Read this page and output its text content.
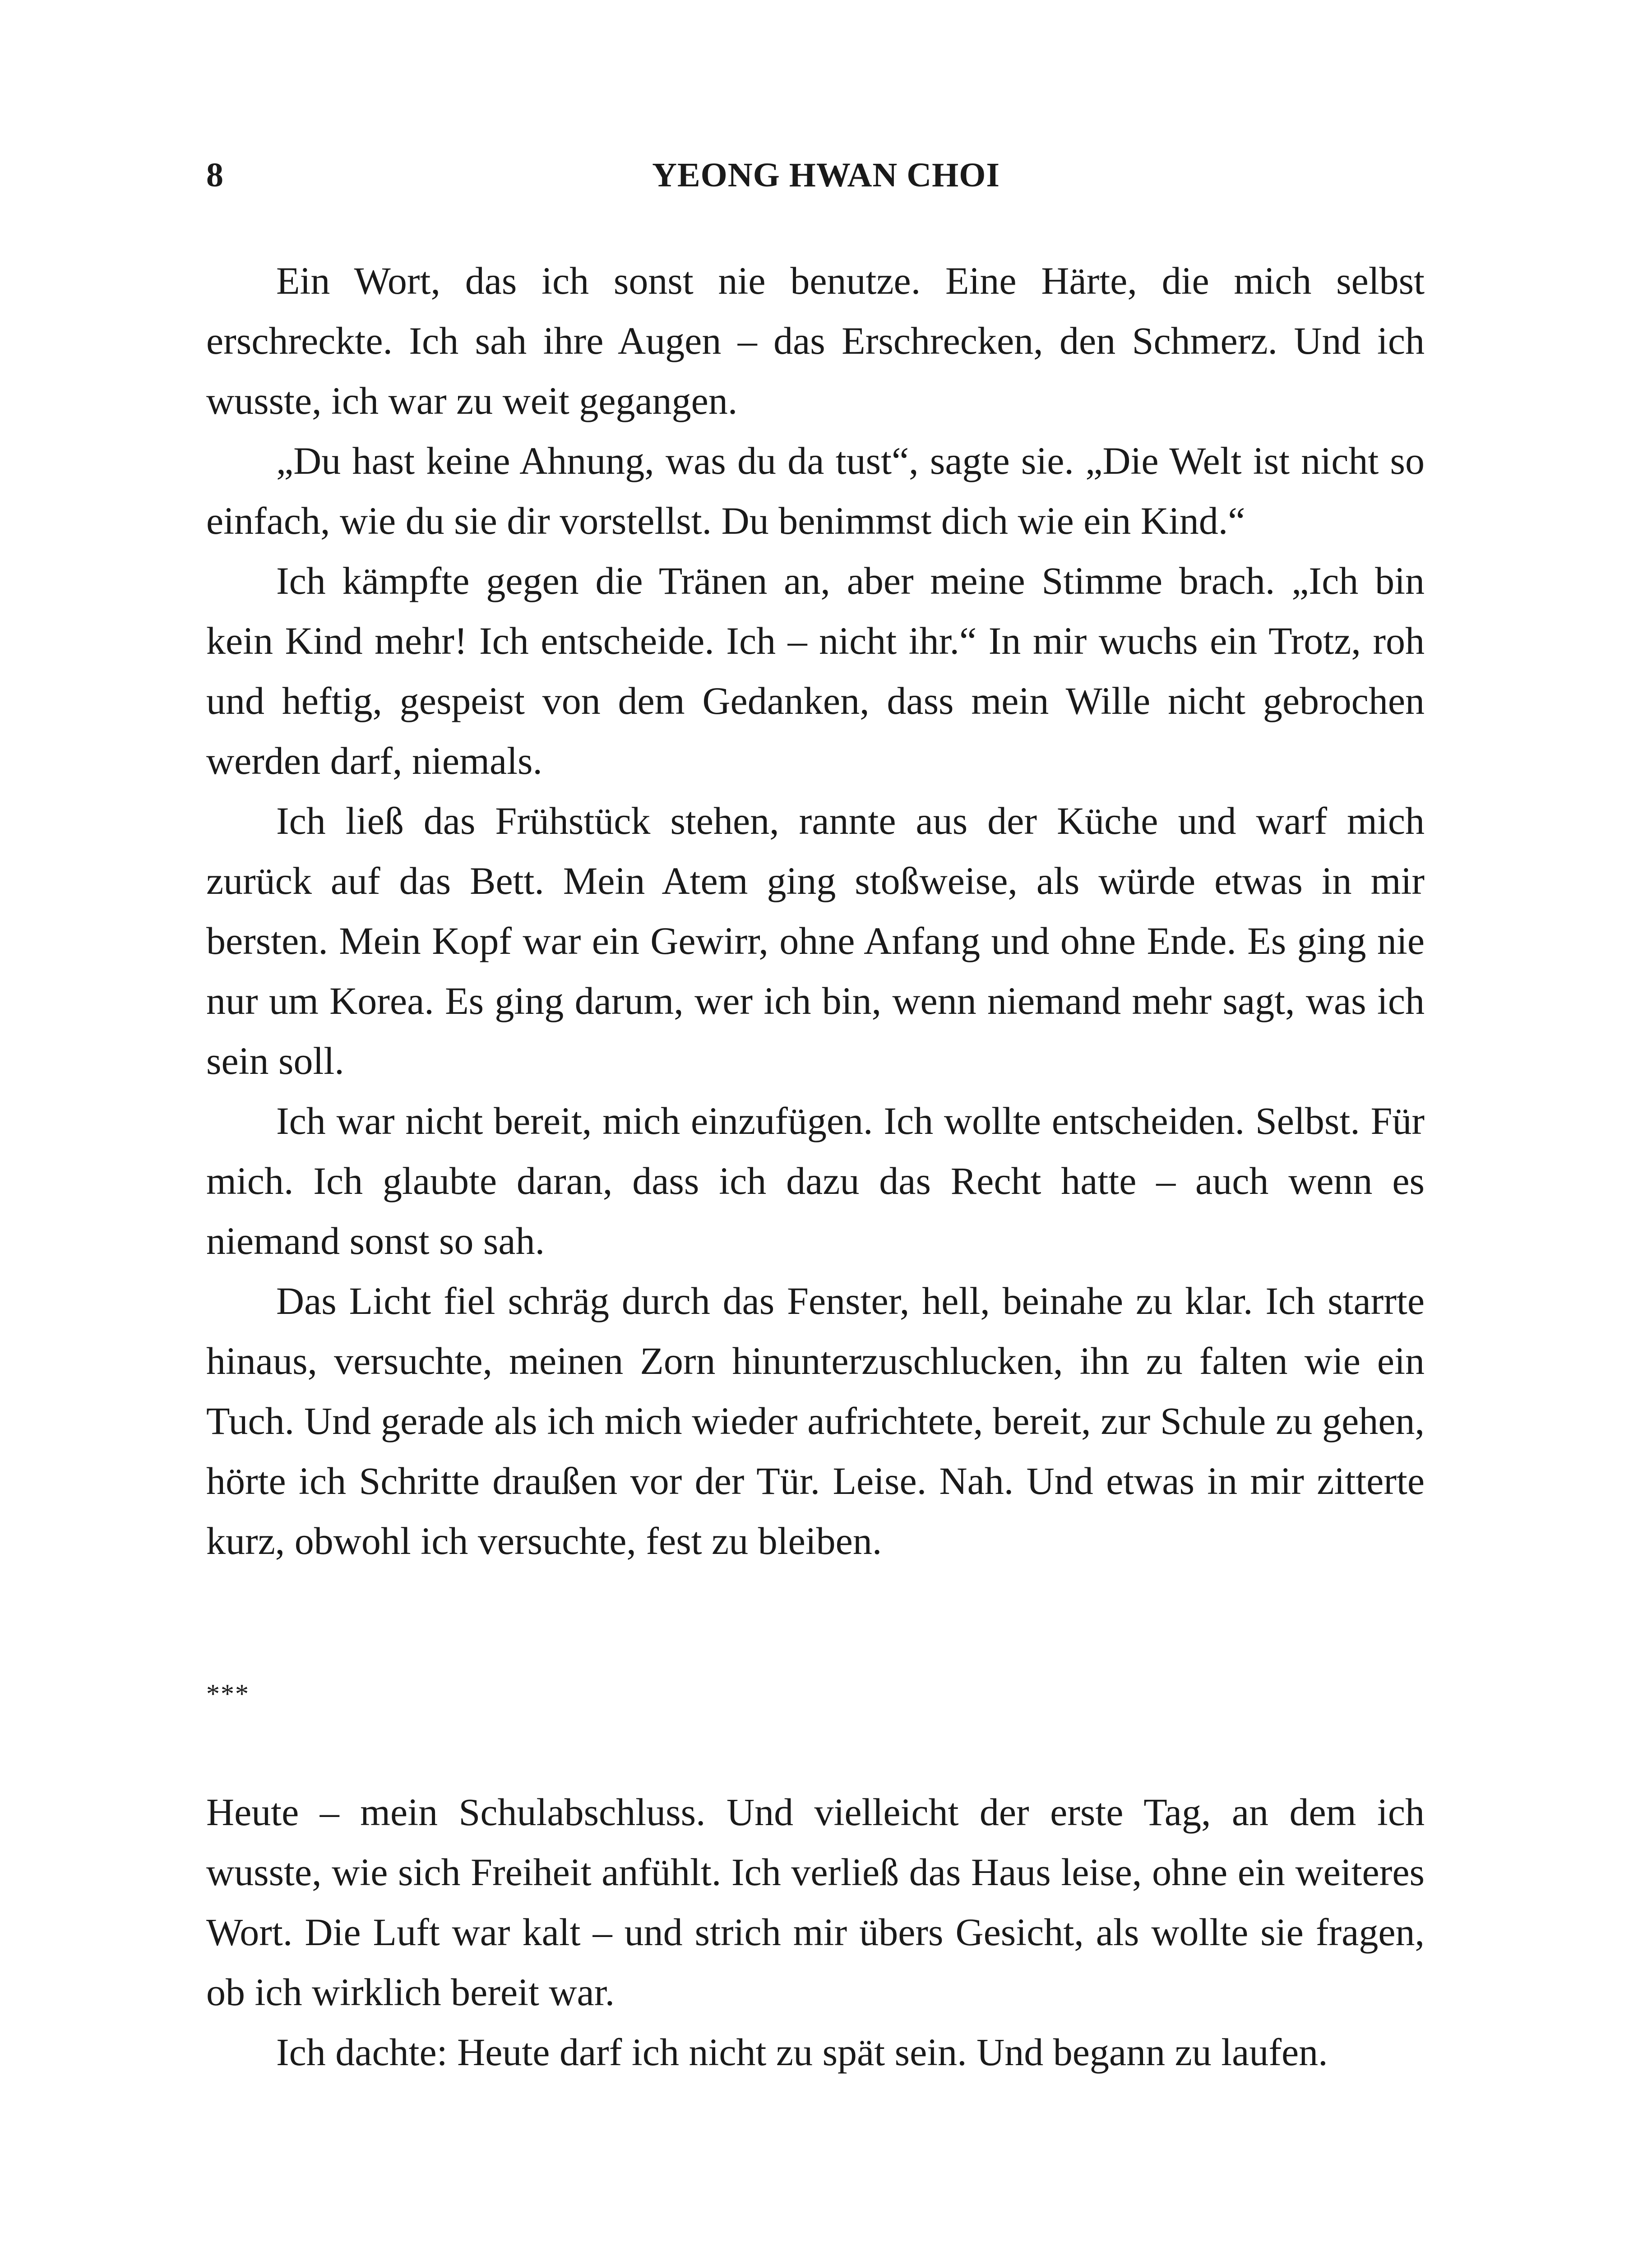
8	YEONG HWAN CHOI

Ein Wort, das ich sonst nie benutze. Eine Härte, die mich selbst erschreckte. Ich sah ihre Augen – das Erschrecken, den Schmerz. Und ich wusste, ich war zu weit gegangen.

„Du hast keine Ahnung, was du da tust“, sagte sie. „Die Welt ist nicht so einfach, wie du sie dir vorstellst. Du benimmst dich wie ein Kind.“

Ich kämpfte gegen die Tränen an, aber meine Stimme brach. „Ich bin kein Kind mehr! Ich entscheide. Ich – nicht ihr.“ In mir wuchs ein Trotz, roh und heftig, gespeist von dem Gedanken, dass mein Wille nicht gebrochen werden darf, niemals.

Ich ließ das Frühstück stehen, rannte aus der Küche und warf mich zurück auf das Bett. Mein Atem ging stoßweise, als würde etwas in mir bersten. Mein Kopf war ein Gewirr, ohne Anfang und ohne Ende. Es ging nie nur um Korea. Es ging darum, wer ich bin, wenn niemand mehr sagt, was ich sein soll.

Ich war nicht bereit, mich einzufügen. Ich wollte entscheiden. Selbst. Für mich. Ich glaubte daran, dass ich dazu das Recht hatte – auch wenn es niemand sonst so sah.

Das Licht fiel schräg durch das Fenster, hell, beinahe zu klar. Ich starrte hinaus, versuchte, meinen Zorn hinunterzuschlucken, ihn zu falten wie ein Tuch. Und gerade als ich mich wieder aufrichtete, bereit, zur Schule zu gehen, hörte ich Schritte draußen vor der Tür. Leise. Nah. Und etwas in mir zitterte kurz, obwohl ich versuchte, fest zu bleiben.

***

Heute – mein Schulabschluss. Und vielleicht der erste Tag, an dem ich wusste, wie sich Freiheit anfühlt. Ich verließ das Haus leise, ohne ein weiteres Wort. Die Luft war kalt – und strich mir übers Gesicht, als wollte sie fragen, ob ich wirklich bereit war.

Ich dachte: Heute darf ich nicht zu spät sein. Und begann zu laufen.
